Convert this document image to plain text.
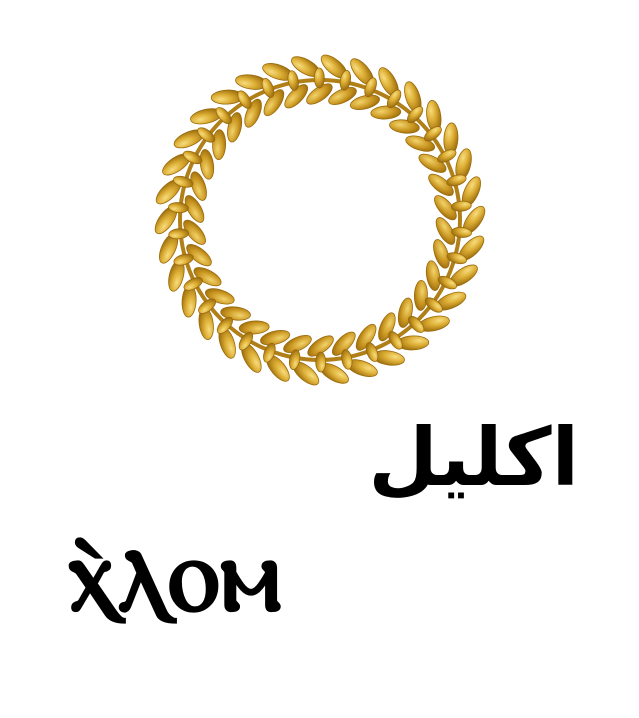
اكليل
ⲭ̀ⲗⲟⲙ
